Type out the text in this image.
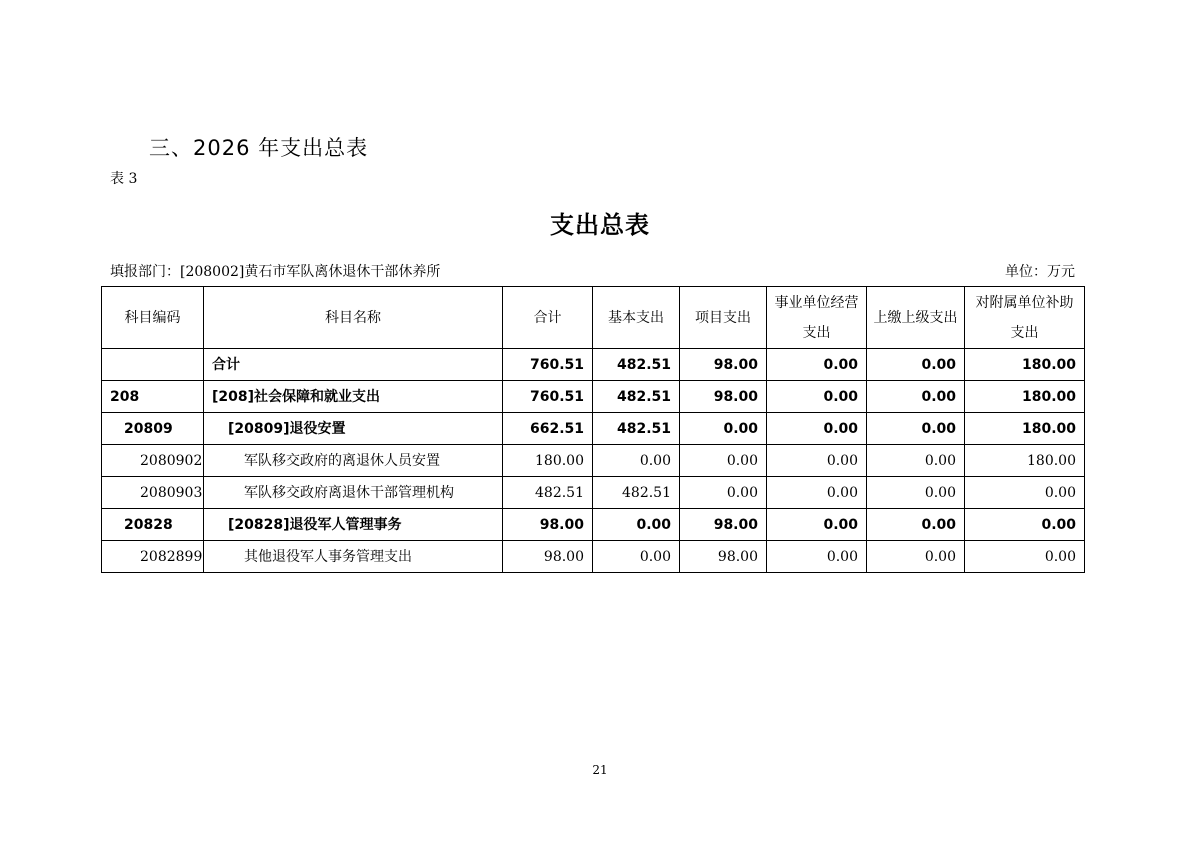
三、2026 年支出总表
表 3
支出总表
填报部门：[208002]黄石市军队离休退休干部休养所	单位：万元
科目编码	科目名称	合计	基本支出	项目支出	事业单位经营支出	上缴上级支出	对附属单位补助支出
	合计	760.51	482.51	98.00	0.00	0.00	180.00
208	[208]社会保障和就业支出	760.51	482.51	98.00	0.00	0.00	180.00
20809	[20809]退役安置	662.51	482.51	0.00	0.00	0.00	180.00
2080902	军队移交政府的离退休人员安置	180.00	0.00	0.00	0.00	0.00	180.00
2080903	军队移交政府离退休干部管理机构	482.51	482.51	0.00	0.00	0.00	0.00
20828	[20828]退役军人管理事务	98.00	0.00	98.00	0.00	0.00	0.00
2082899	其他退役军人事务管理支出	98.00	0.00	98.00	0.00	0.00	0.00
21
